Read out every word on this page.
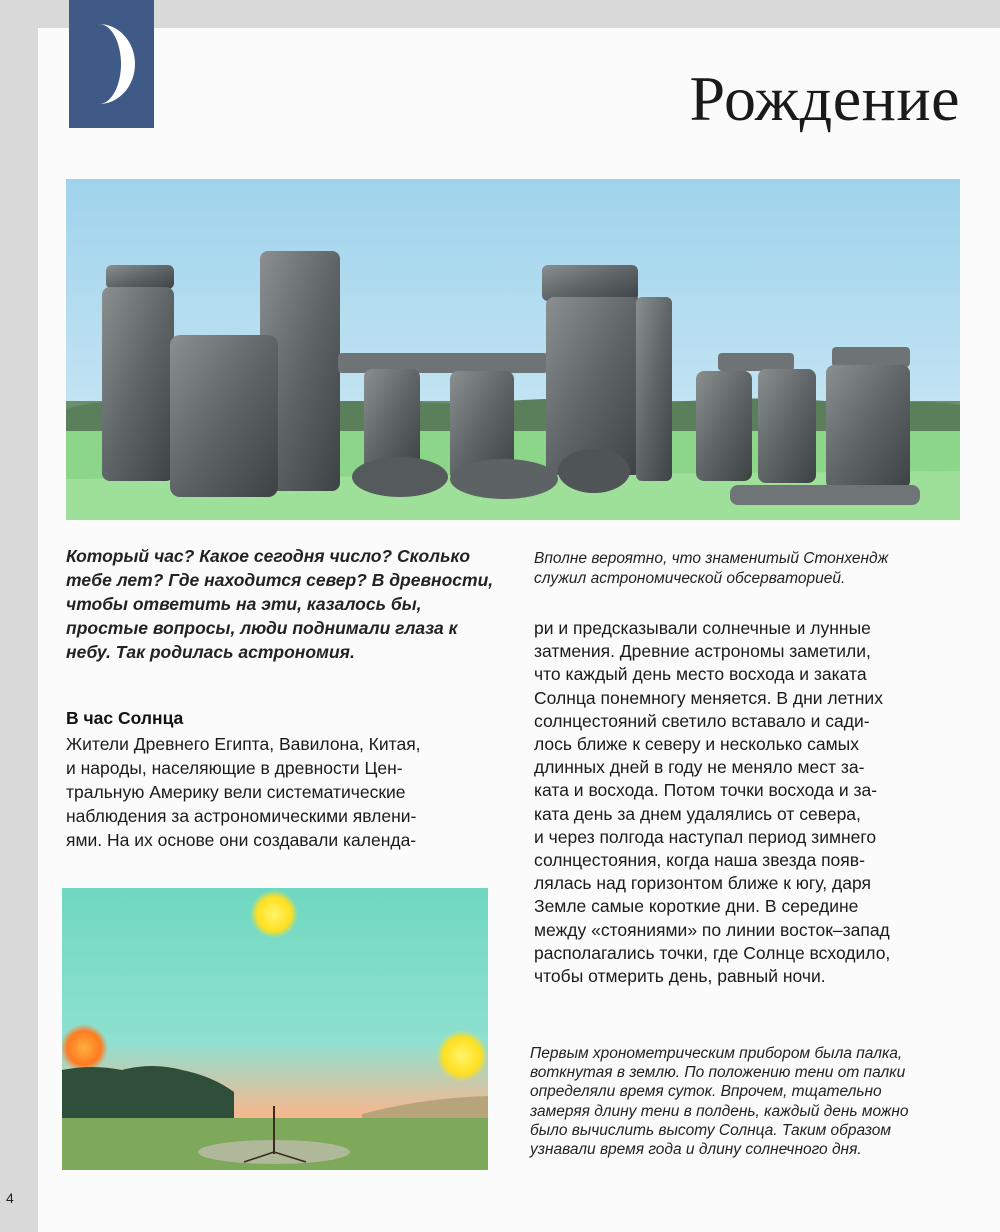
Рождение
Вполне вероятно, что знаменитый Стонхендж служил астрономической обсерваторией.
Который час? Какое сегодня число? Сколько тебе лет? Где находится север? В древности, чтобы ответить на эти, казалось бы, простые вопросы, люди поднимали глаза к небу. Так родилась астрономия.
В час Солнца
Жители Древнего Египта, Вавилона, Китая,
и народы, населяющие в древности Цен-
тральную Америку вели систематические
наблюдения за астрономическими явлени-
ями. На их основе они создавали календа-

ри и предсказывали солнечные и лунные

затмения. Древние астрономы заметили,

что каждый день место восхода и заката

Солнца понемногу меняется. В дни летних

солнцестояний светило вставало и сади-

лось ближе к северу и несколько самых

длинных дней в году не меняло мест за-

ката и восхода. Потом точки восхода и за-

ката день за днем удалялись от севера,

и через полгода наступал период зимнего

солнцестояния, когда наша звезда появ-

лялась над горизонтом ближе к югу, даря

Земле самые короткие дни. В середине

между «стояниями» по линии восток–запад

располагались точки, где Солнце всходило,

чтобы отмерить день, равный ночи.

Первым хронометрическим прибором была палка, воткнутая в землю. По положению тени от палки определяли время суток. Впрочем, тщательно замеряя длину тени в полдень, каждый день можно было вычислить высоту Солнца. Таким образом узнавали время года и длину солнечного дня.
4
